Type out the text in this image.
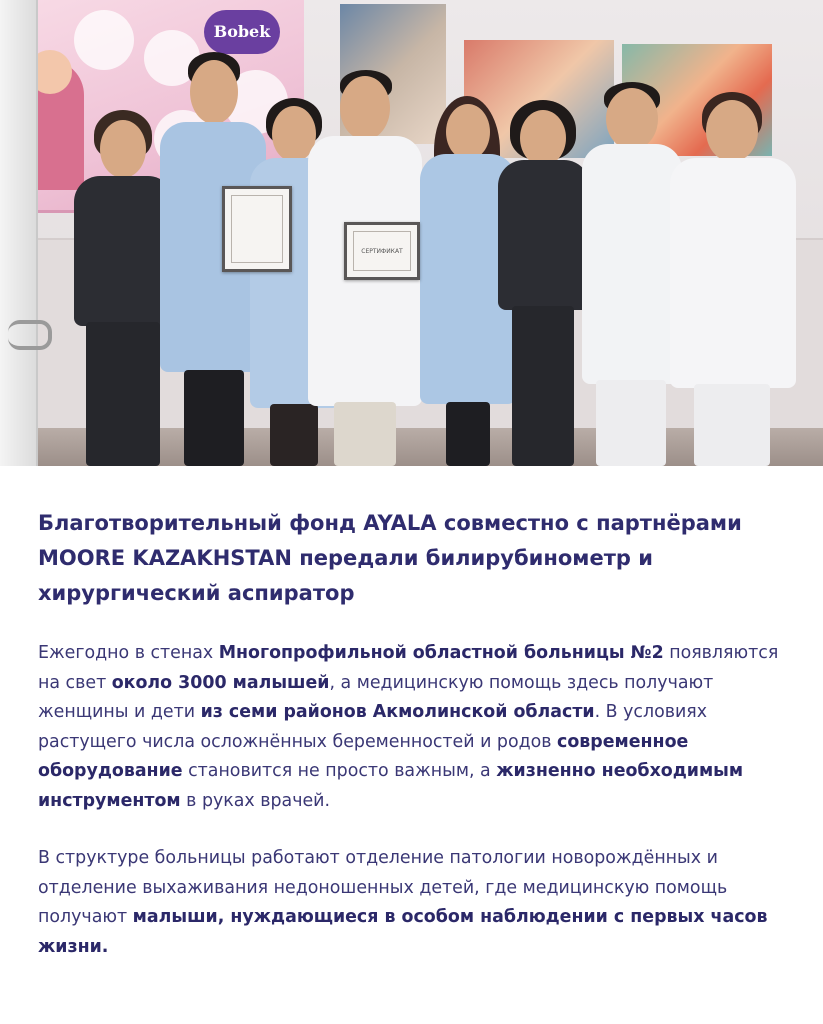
Bobek
СЕРТИФИКАТ
Благотворительный фонд AYALA совместно с партнёрами MOORE KAZAKHSTAN передали билирубинометр и хирургический аспиратор

Ежегодно в стенах Многопрофильной областной больницы №2 появляются на свет около 3000 малышей, а медицинскую помощь здесь получают женщины и дети из семи районов Акмолинской области. В условиях растущего числа осложнённых беременностей и родов современное оборудование становится не просто важным, а жизненно необходимым инструментом в руках врачей.

В структуре больницы работают отделение патологии новорождённых и отделение выхаживания недоношенных детей, где медицинскую помощь получают малыши, нуждающиеся в особом наблюдении с первых часов жизни.
